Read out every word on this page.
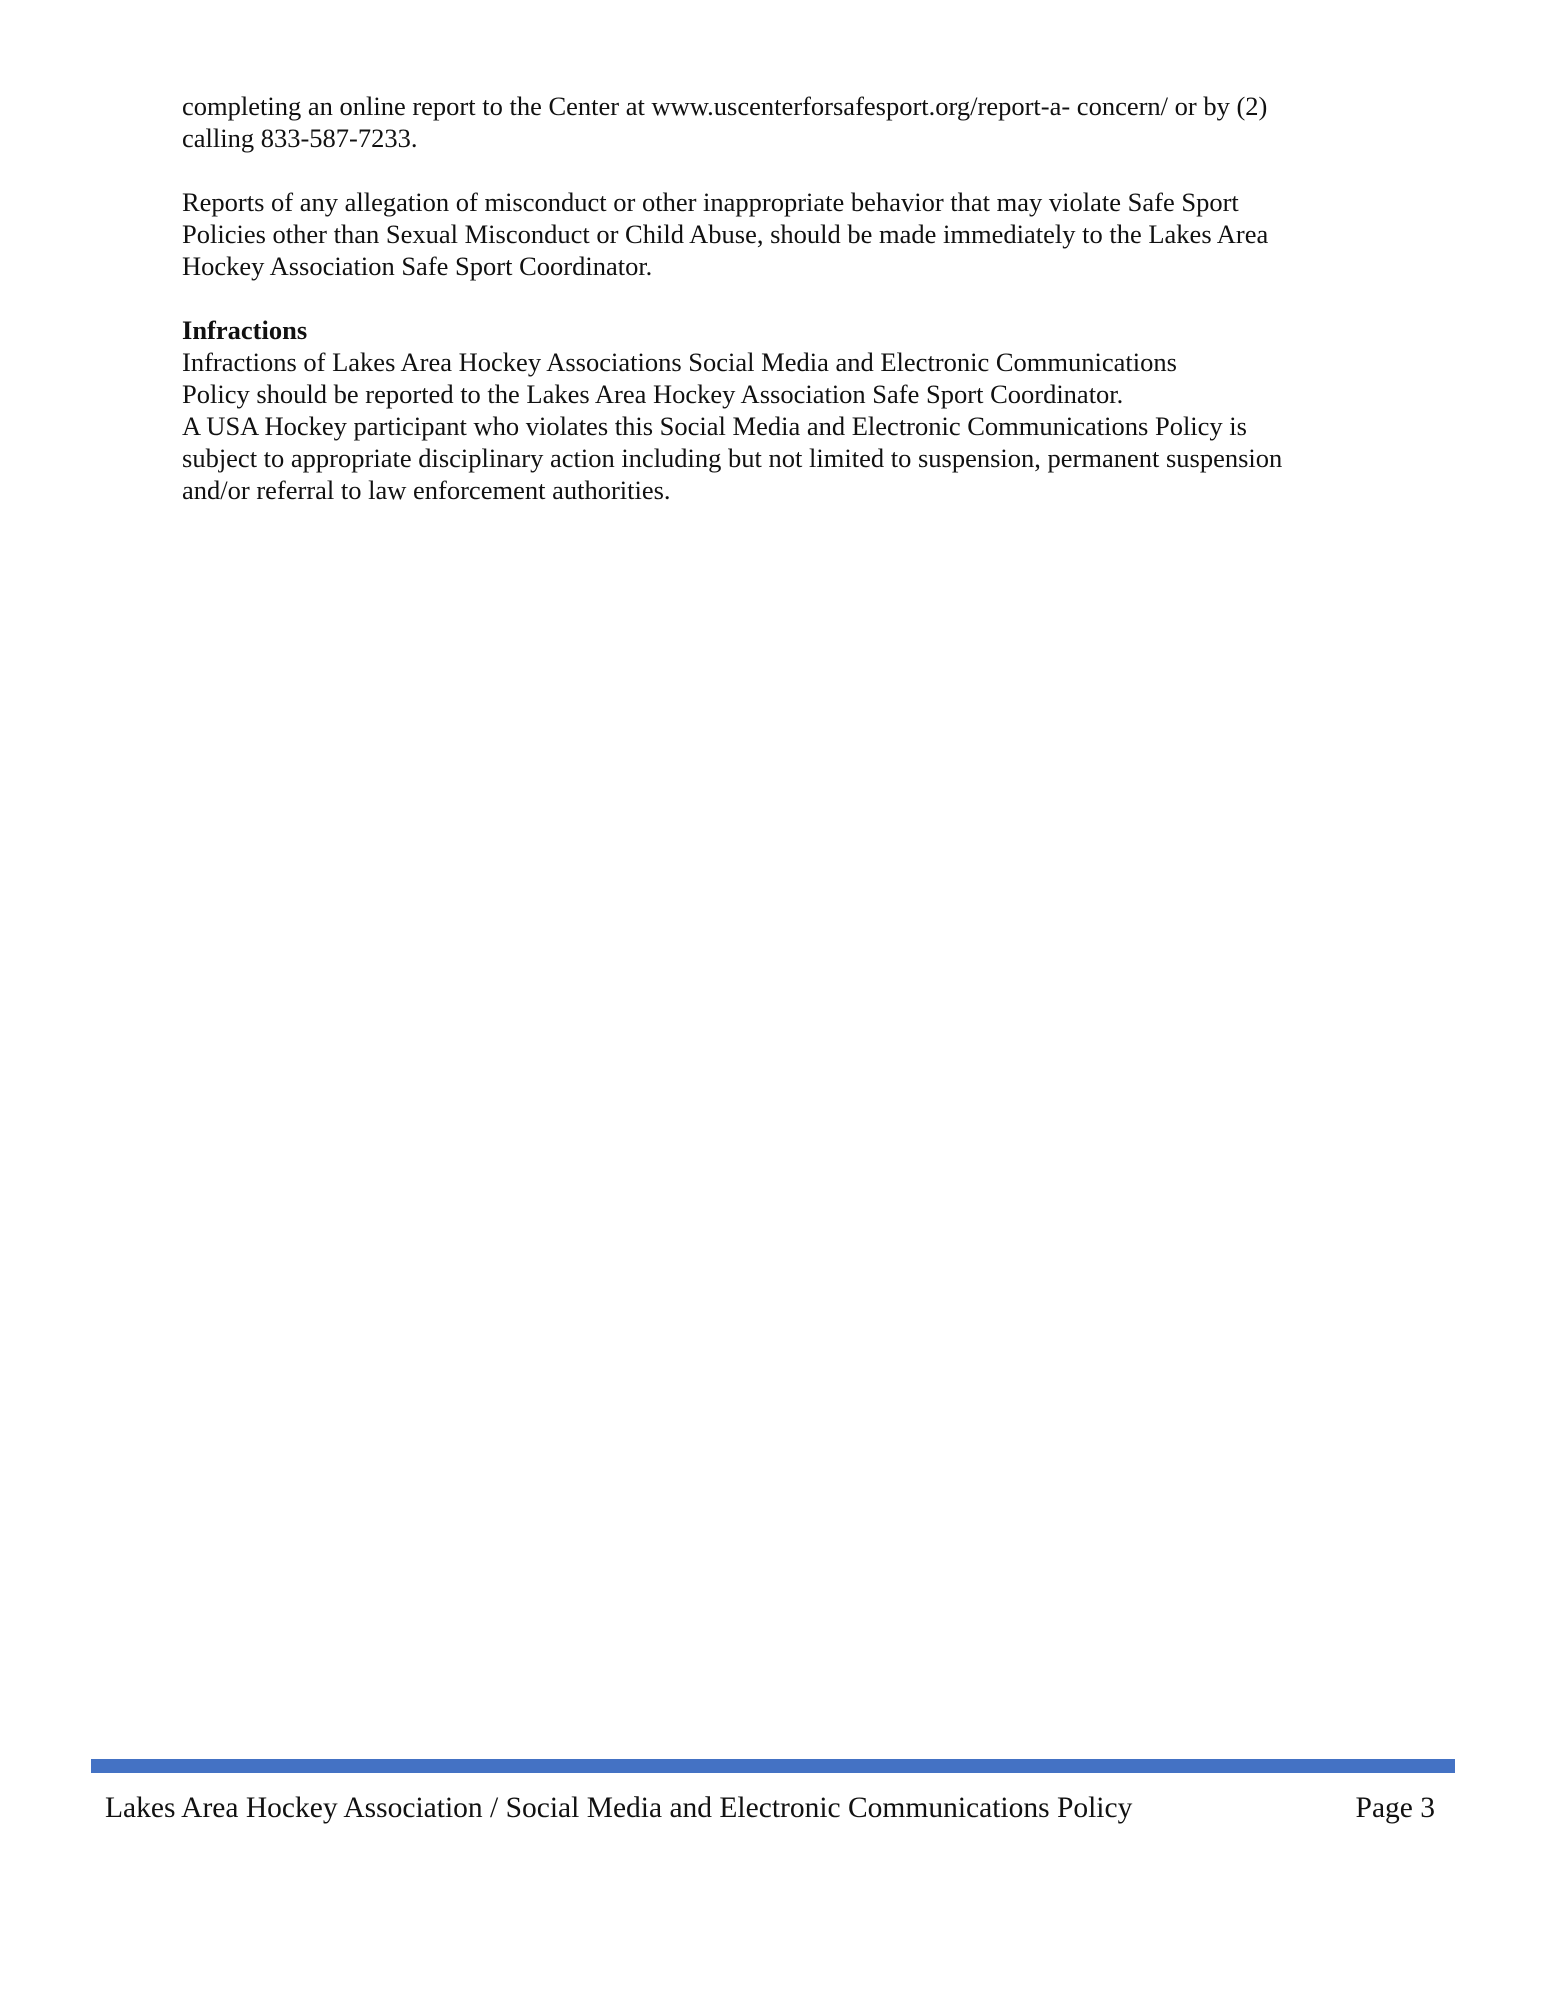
completing an online report to the Center at www.uscenterforsafesport.org/report-a- concern/ or by (2)
calling 833-587-7233.

Reports of any allegation of misconduct or other inappropriate behavior that may violate Safe Sport
Policies other than Sexual Misconduct or Child Abuse, should be made immediately to the Lakes Area
Hockey Association Safe Sport Coordinator.

Infractions

Infractions of Lakes Area Hockey Associations Social Media and Electronic Communications
Policy should be reported to the Lakes Area Hockey Association Safe Sport Coordinator.
A USA Hockey participant who violates this Social Media and Electronic Communications Policy is
subject to appropriate disciplinary action including but not limited to suspension, permanent suspension
and/or referral to law enforcement authorities.

Lakes Area Hockey Association / Social Media and Electronic Communications Policy	Page 3
